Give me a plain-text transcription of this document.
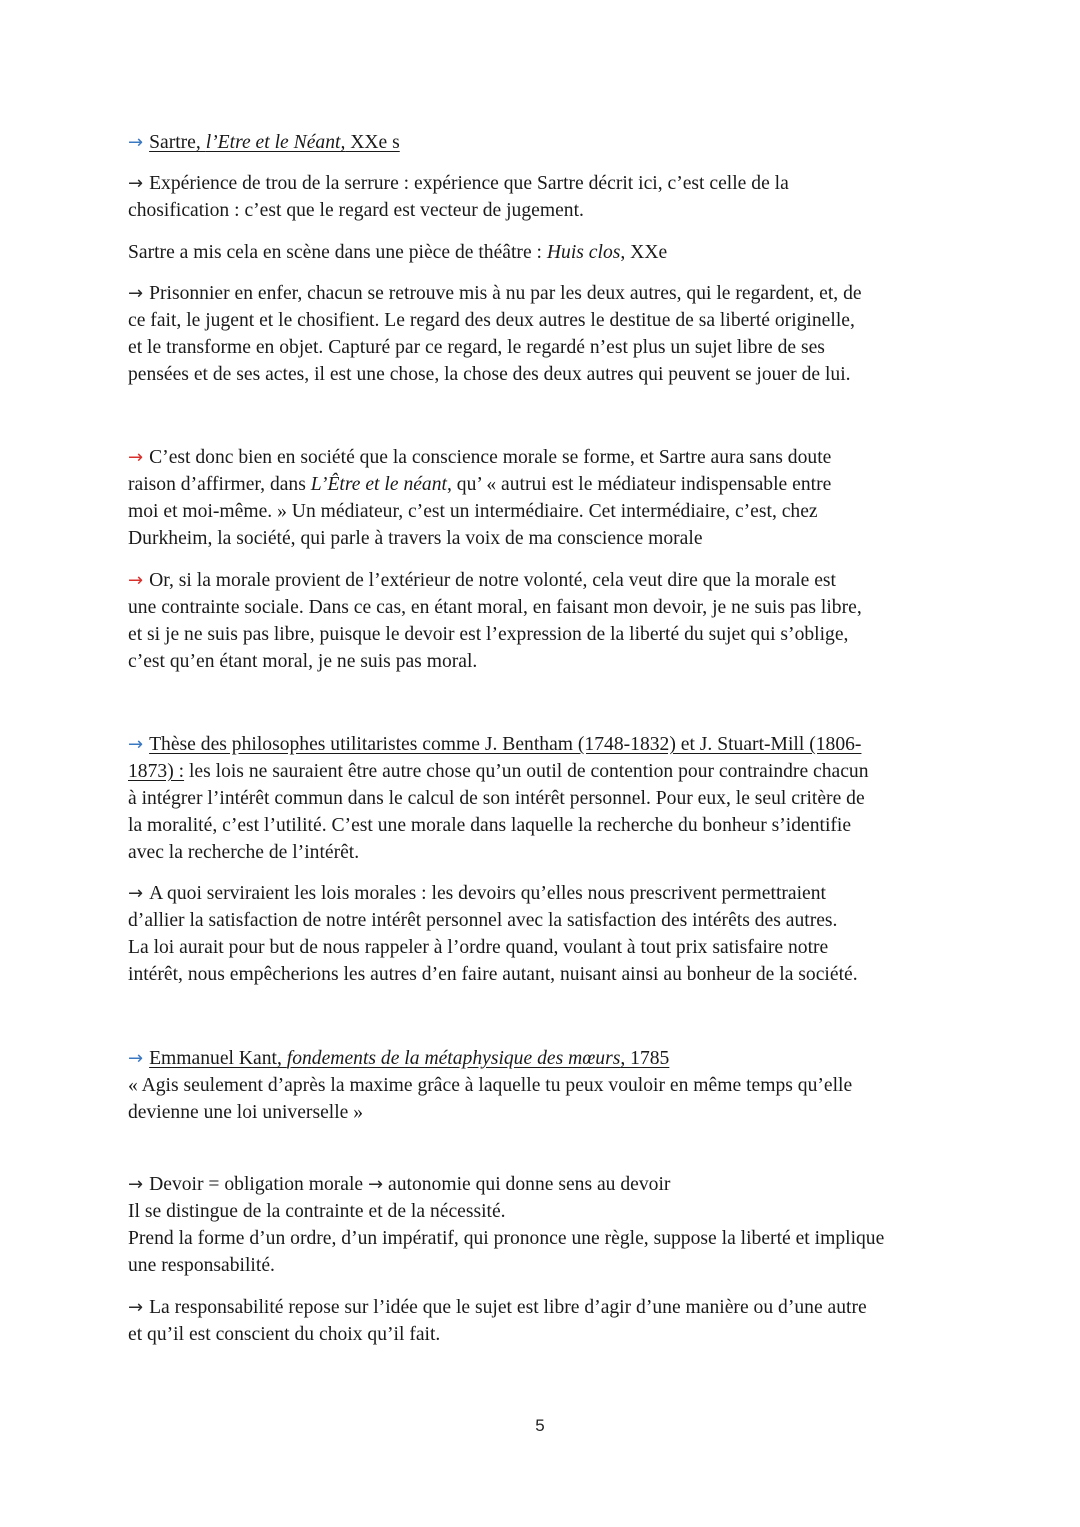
→ Sartre, l’Etre et le Néant, XXe s

→ Expérience de trou de la serrure : expérience que Sartre décrit ici, c’est celle de la
chosification : c’est que le regard est vecteur de jugement.

Sartre a mis cela en scène dans une pièce de théâtre : Huis clos, XXe

→ Prisonnier en enfer, chacun se retrouve mis à nu par les deux autres, qui le regardent, et, de
ce fait, le jugent et le chosifient. Le regard des deux autres le destitue de sa liberté originelle,
et le transforme en objet. Capturé par ce regard, le regardé n’est plus un sujet libre de ses
pensées et de ses actes, il est une chose, la chose des deux autres qui peuvent se jouer de lui.

→ C’est donc bien en société que la conscience morale se forme, et Sartre aura sans doute
raison d’affirmer, dans L’Être et le néant, qu’ « autrui est le médiateur indispensable entre
moi et moi-même. » Un médiateur, c’est un intermédiaire. Cet intermédiaire, c’est, chez
Durkheim, la société, qui parle à travers la voix de ma conscience morale

→ Or, si la morale provient de l’extérieur de notre volonté, cela veut dire que la morale est
une contrainte sociale. Dans ce cas, en étant moral, en faisant mon devoir, je ne suis pas libre,
et si je ne suis pas libre, puisque le devoir est l’expression de la liberté du sujet qui s’oblige,
c’est qu’en étant moral, je ne suis pas moral.

→ Thèse des philosophes utilitaristes comme J. Bentham (1748-1832) et J. Stuart-Mill (1806-
1873) : les lois ne sauraient être autre chose qu’un outil de contention pour contraindre chacun
à intégrer l’intérêt commun dans le calcul de son intérêt personnel. Pour eux, le seul critère de
la moralité, c’est l’utilité. C’est une morale dans laquelle la recherche du bonheur s’identifie
avec la recherche de l’intérêt.

→ A quoi serviraient les lois morales : les devoirs qu’elles nous prescrivent permettraient
d’allier la satisfaction de notre intérêt personnel avec la satisfaction des intérêts des autres.
La loi aurait pour but de nous rappeler à l’ordre quand, voulant à tout prix satisfaire notre
intérêt, nous empêcherions les autres d’en faire autant, nuisant ainsi au bonheur de la société.

→ Emmanuel Kant, fondements de la métaphysique des mœurs, 1785
« Agis seulement d’après la maxime grâce à laquelle tu peux vouloir en même temps qu’elle
devienne une loi universelle »

→ Devoir = obligation morale → autonomie qui donne sens au devoir
Il se distingue de la contrainte et de la nécessité.
Prend la forme d’un ordre, d’un impératif, qui prononce une règle, suppose la liberté et implique
une responsabilité.

→ La responsabilité repose sur l’idée que le sujet est libre d’agir d’une manière ou d’une autre
et qu’il est conscient du choix qu’il fait.

5
